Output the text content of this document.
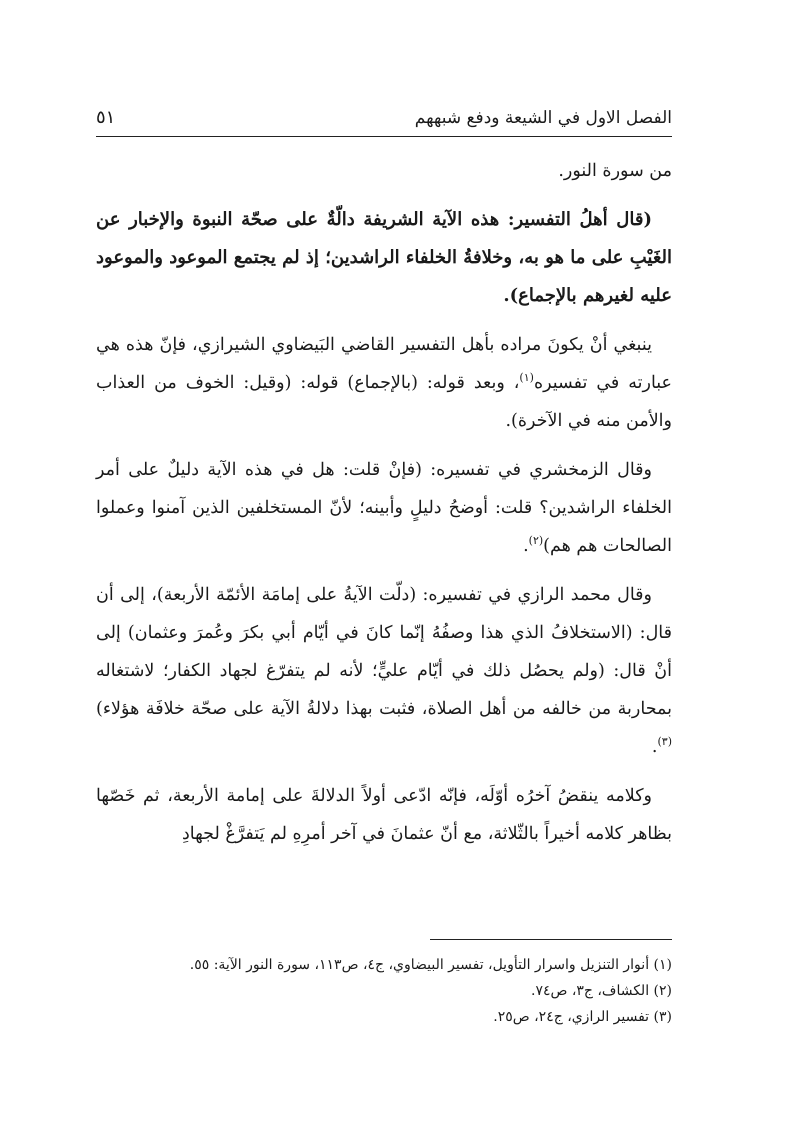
٥١	الفصل الاول في الشيعة ودفع شبههم

من سورة النور.

(قال أهلُ التفسير: هذه الآية الشريفة دالّةٌ على صحّة النبوة والإخبار عن الغَيْبِ على ما هو به، وخلافةُ الخلفاء الراشدين؛ إذ لم يجتمع الموعود والموعود عليه لغيرهم بالإجماع).

ينبغي أنْ يكونَ مراده بأهل التفسير القاضي البَيضاوي الشيرازي، فإنّ هذه هي عبارته في تفسيره$^{(١)}$، وبعد قوله: (بالإجماع) قوله: (وقيل: الخوف من العذاب والأمن منه في الآخرة).

وقال الزمخشري في تفسيره: (فإنْ قلت: هل في هذه الآية دليلٌ على أمر الخلفاء الراشدين؟ قلت: أوضحُ دليلٍ وأبينه؛ لأنّ المستخلفين الذين آمنوا وعملوا الصالحات هم هم)$^{(٢)}$.

وقال محمد الرازي في تفسيره: (دلّت الآيةُ على إمامَة الأئمّة الأربعة)، إلى أن قال: (الاستخلافُ الذي هذا وصفُهُ إنّما كانَ في أيّام أبي بكرَ وعُمرَ وعثمان) إلى أنْ قال: (ولم يحصُل ذلك في أيّام عليٍّ؛ لأنه لم يتفرّغ لجهاد الكفار؛ لاشتغاله بمحاربة من خالفه من أهل الصلاة، فثبت بهذا دلالةُ الآية على صحّة خلافَة هؤلاء)$^{(٣)}$.

وكلامه ينقضُ آخرُه أوّلَه، فإنّه ادّعى أولاً الدلالةَ على إمامة الأربعة، ثم خَصّها بظاهر كلامه أخيراً بالثّلاثة، مع أنّ عثمانَ في آخر أمرِهِ لم يَتفرَّغْ لجهادِ

(١) أنوار التنزيل واسرار التأويل، تفسير البيضاوي، ج٤، ص١١٣، سورة النور الآية: ٥٥.

(٢) الكشاف، ج٣، ص٧٤.

(٣) تفسير الرازي، ج٢٤، ص٢٥.
